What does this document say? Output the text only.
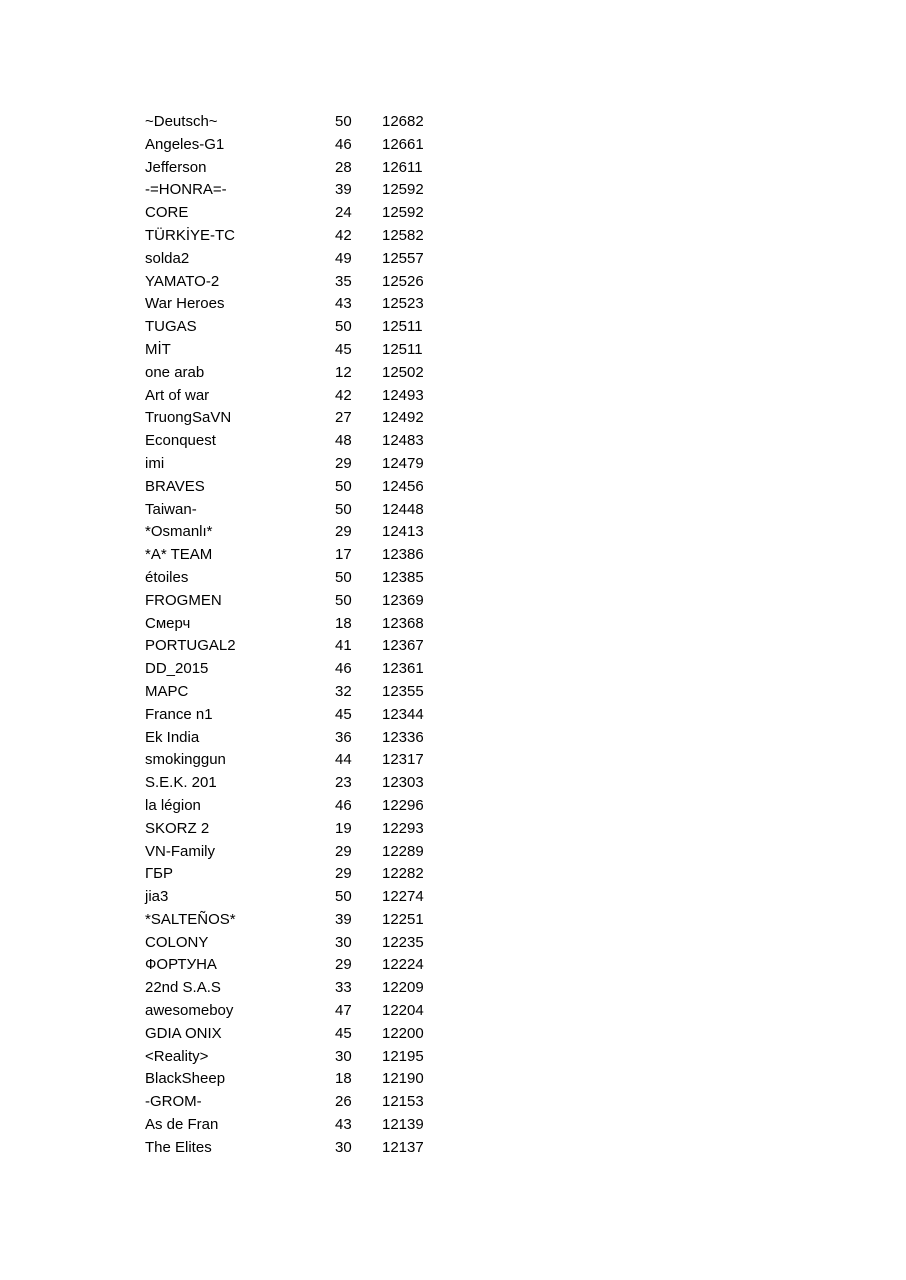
~Deutsch~	50	12682
Angeles-G1	46	12661
Jefferson	28	12611
-=HONRA=-	39	12592
CORE	24	12592
TÜRKİYE-TC	42	12582
solda2	49	12557
YAMATO-2	35	12526
War Heroes	43	12523
TUGAS	50	12511
MİT	45	12511
one arab	12	12502
Art of war	42	12493
TruongSaVN	27	12492
Econquest	48	12483
imi	29	12479
BRAVES	50	12456
Taiwan-	50	12448
*Osmanlı*	29	12413
*A* TEAM	17	12386
étoiles	50	12385
FROGMEN	50	12369
Смерч	18	12368
PORTUGAL2	41	12367
DD_2015	46	12361
MAPC	32	12355
France n1	45	12344
Ek India	36	12336
smokinggun	44	12317
S.E.K. 201	23	12303
la légion	46	12296
SKORZ 2	19	12293
VN-Family	29	12289
ГБР	29	12282
jia3	50	12274
*SALTEÑOS*	39	12251
COLONY	30	12235
ФОРТУНА	29	12224
22nd S.A.S	33	12209
awesomeboy	47	12204
GDIA ONIX	45	12200
<Reality>	30	12195
BlackSheep	18	12190
-GROM-	26	12153
As de Fran	43	12139
The Elites	30	12137
